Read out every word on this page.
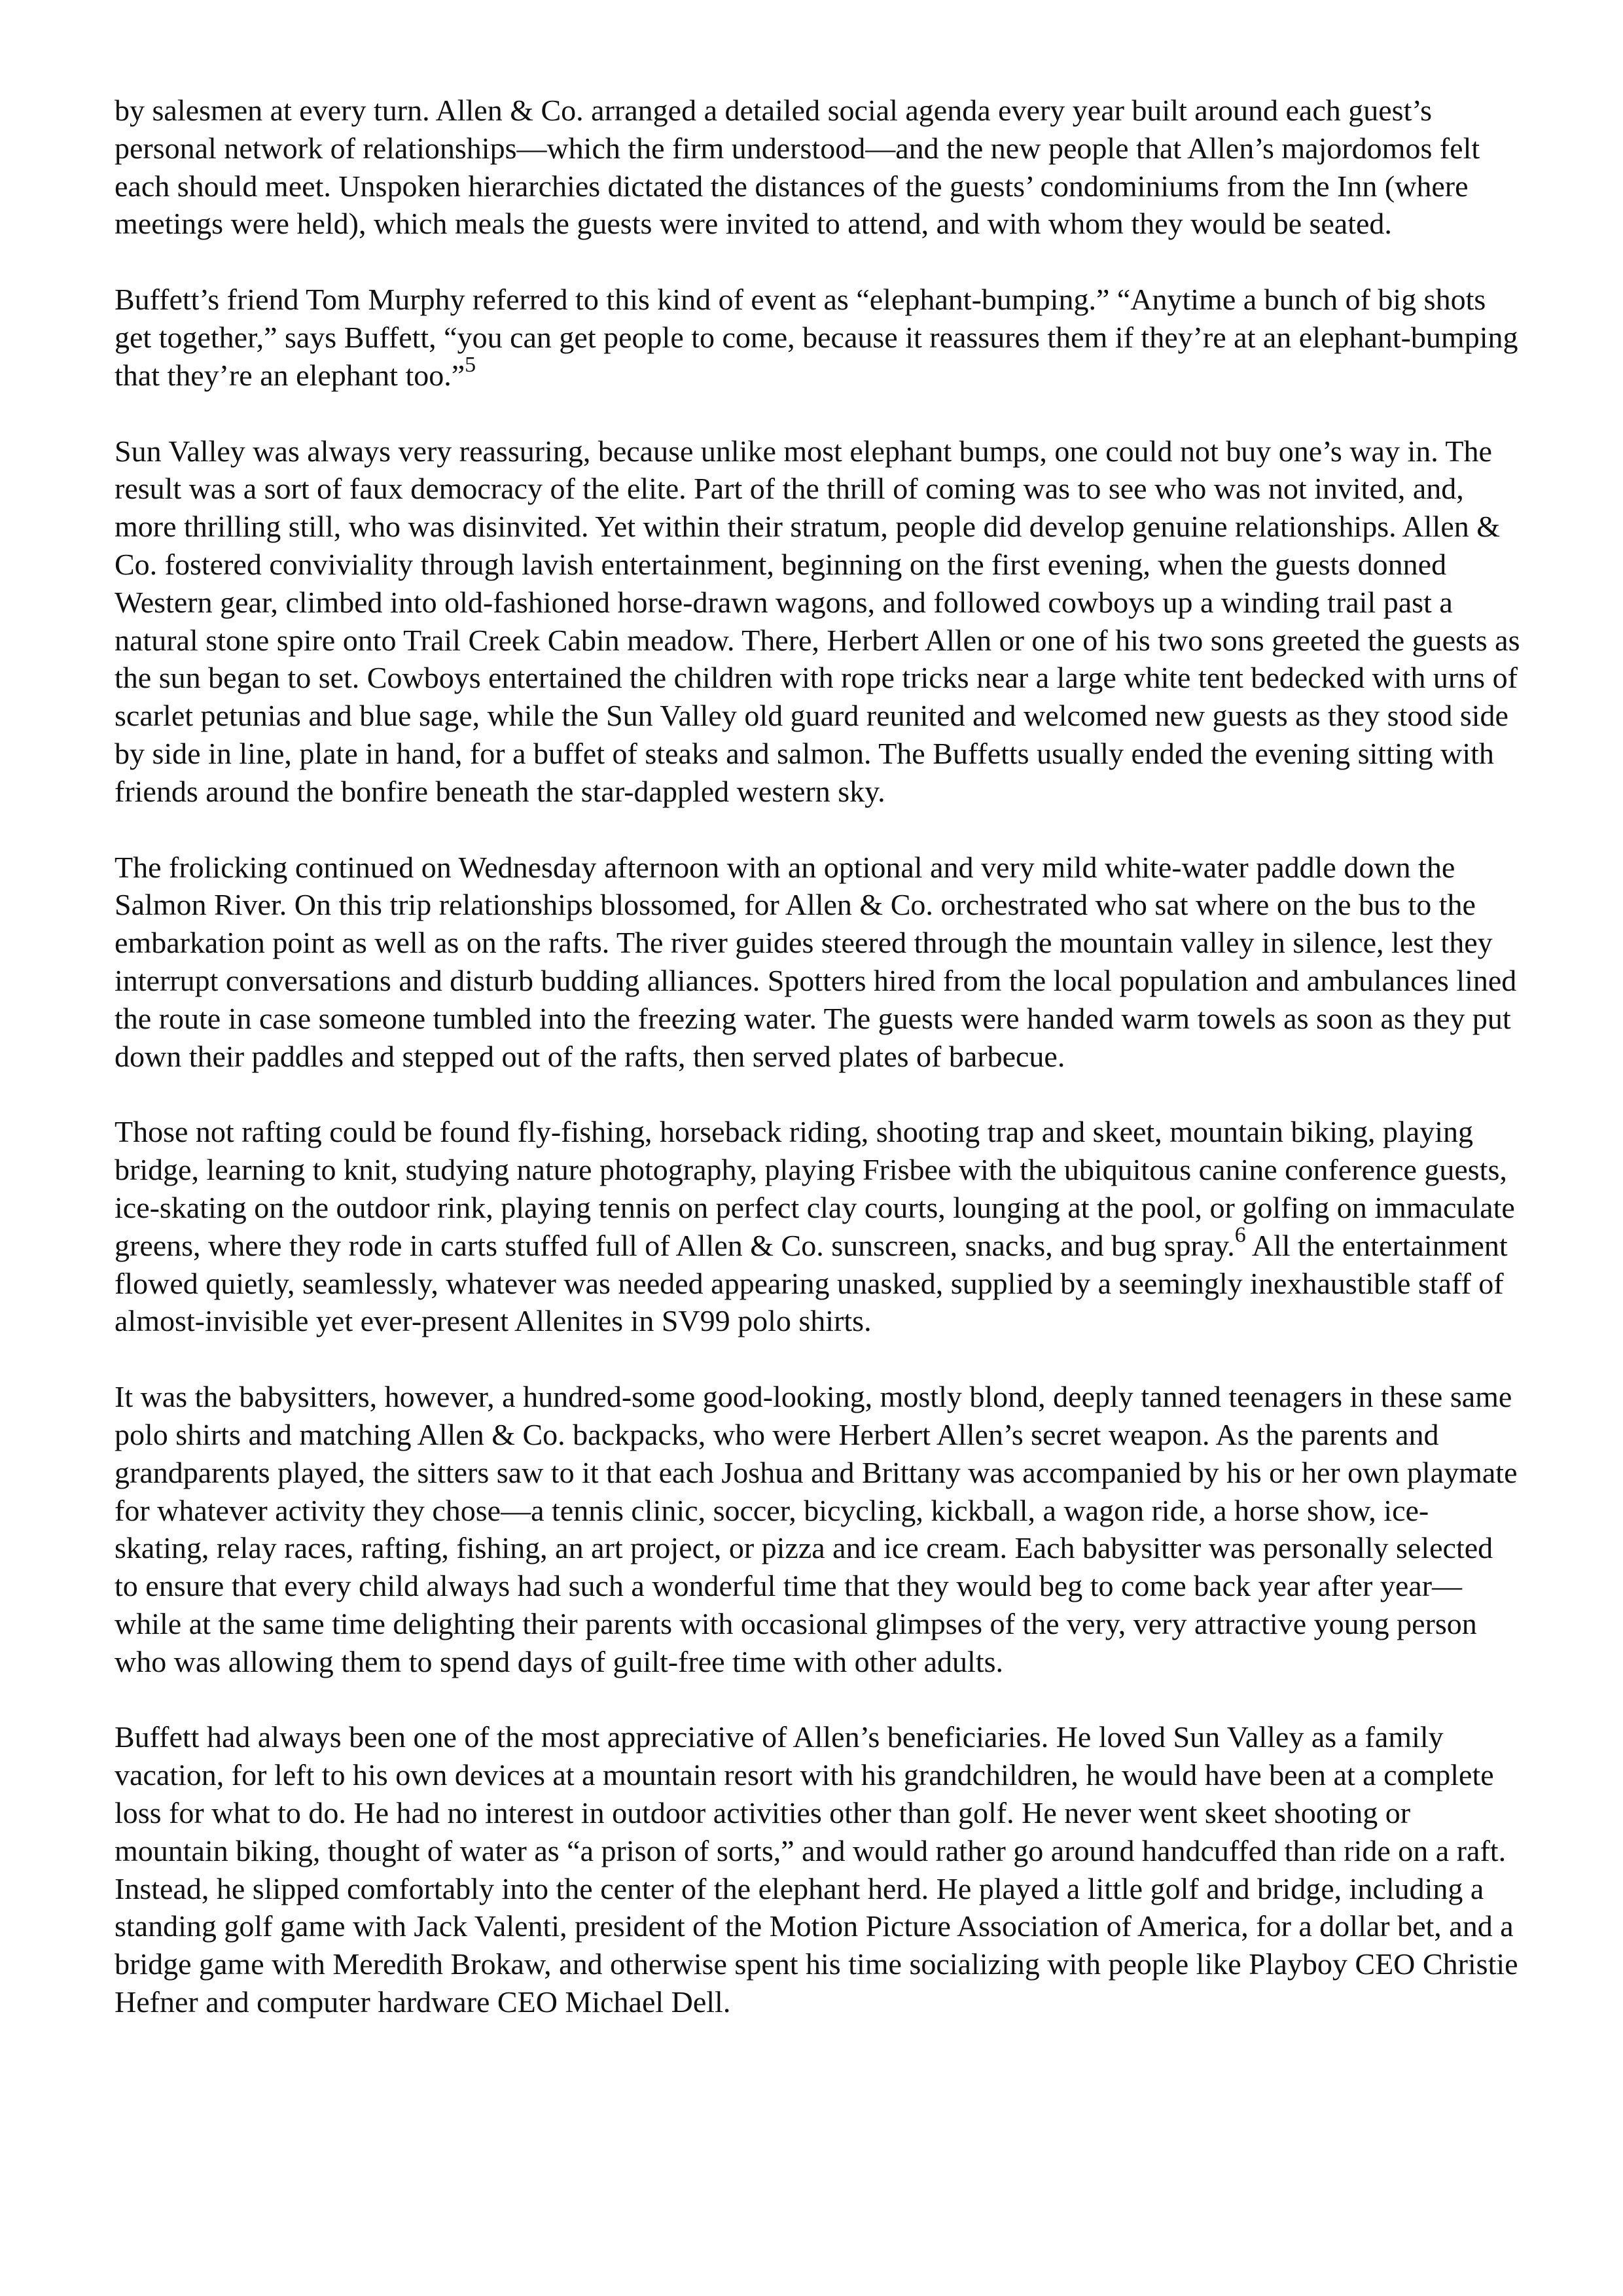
by salesmen at every turn. Allen & Co. arranged a detailed social agenda every year built around each guest’s personal network of relationships—which the firm understood—and the new people that Allen’s majordomos felt each should meet. Unspoken hierarchies dictated the distances of the guests’ condominiums from the Inn (where meetings were held), which meals the guests were invited to attend, and with whom they would be seated.

Buffett’s friend Tom Murphy referred to this kind of event as “elephant-bumping.” “Anytime a bunch of big shots get together,” says Buffett, “you can get people to come, because it reassures them if they’re at an elephant-bumping that they’re an elephant too.”$^5$

Sun Valley was always very reassuring, because unlike most elephant bumps, one could not buy one’s way in. The result was a sort of faux democracy of the elite. Part of the thrill of coming was to see who was not invited, and, more thrilling still, who was disinvited. Yet within their stratum, people did develop genuine relationships. Allen & Co. fostered conviviality through lavish entertainment, beginning on the first evening, when the guests donned Western gear, climbed into old-fashioned horse-drawn wagons, and followed cowboys up a winding trail past a natural stone spire onto Trail Creek Cabin meadow. There, Herbert Allen or one of his two sons greeted the guests as the sun began to set. Cowboys entertained the children with rope tricks near a large white tent bedecked with urns of scarlet petunias and blue sage, while the Sun Valley old guard reunited and welcomed new guests as they stood side by side in line, plate in hand, for a buffet of steaks and salmon. The Buffetts usually ended the evening sitting with friends around the bonfire beneath the star-dappled western sky.

The frolicking continued on Wednesday afternoon with an optional and very mild white-water paddle down the Salmon River. On this trip relationships blossomed, for Allen & Co. orchestrated who sat where on the bus to the embarkation point as well as on the rafts. The river guides steered through the mountain valley in silence, lest they interrupt conversations and disturb budding alliances. Spotters hired from the local population and ambulances lined the route in case someone tumbled into the freezing water. The guests were handed warm towels as soon as they put down their paddles and stepped out of the rafts, then served plates of barbecue.

Those not rafting could be found fly-fishing, horseback riding, shooting trap and skeet, mountain biking, playing bridge, learning to knit, studying nature photography, playing Frisbee with the ubiquitous canine conference guests, ice-skating on the outdoor rink, playing tennis on perfect clay courts, lounging at the pool, or golfing on immaculate greens, where they rode in carts stuffed full of Allen & Co. sunscreen, snacks, and bug spray.$^6$ All the entertainment flowed quietly, seamlessly, whatever was needed appearing unasked, supplied by a seemingly inexhaustible staff of almost-invisible yet ever-present Allenites in SV99 polo shirts.

It was the babysitters, however, a hundred-some good-looking, mostly blond, deeply tanned teenagers in these same polo shirts and matching Allen & Co. backpacks, who were Herbert Allen’s secret weapon. As the parents and grandparents played, the sitters saw to it that each Joshua and Brittany was accompanied by his or her own playmate for whatever activity they chose—a tennis clinic, soccer, bicycling, kickball, a wagon ride, a horse show, ice-skating, relay races, rafting, fishing, an art project, or pizza and ice cream. Each babysitter was personally selected to ensure that every child always had such a wonderful time that they would beg to come back year after year—while at the same time delighting their parents with occasional glimpses of the very, very attractive young person who was allowing them to spend days of guilt-free time with other adults.

Buffett had always been one of the most appreciative of Allen’s beneficiaries. He loved Sun Valley as a family vacation, for left to his own devices at a mountain resort with his grandchildren, he would have been at a complete loss for what to do. He had no interest in outdoor activities other than golf. He never went skeet shooting or mountain biking, thought of water as “a prison of sorts,” and would rather go around handcuffed than ride on a raft. Instead, he slipped comfortably into the center of the elephant herd. He played a little golf and bridge, including a standing golf game with Jack Valenti, president of the Motion Picture Association of America, for a dollar bet, and a bridge game with Meredith Brokaw, and otherwise spent his time socializing with people like Playboy CEO Christie Hefner and computer hardware CEO Michael Dell.
